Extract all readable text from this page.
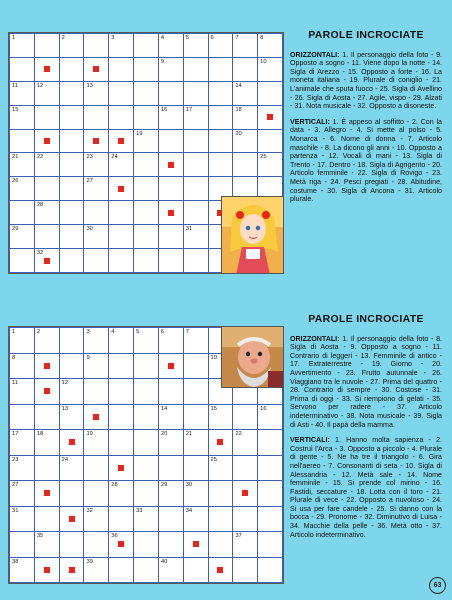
1		2		3		4	5	6	7	8

						9				10

11	12		13						14	

15						16	17		18	

					19				20	

21	22		23	24						25

26			27							

	28									

29			30				31			

	32									

PAROLE INCROCIATE

ORIZZONTALI: 1. Il personaggio della foto - 9. Opposto a sogno - 11. Viene dopo la notte - 14. Sigla di Arezzo - 15. Opposto a forte - 16. La moneta italiana - 19. Plurale di coniglio - 21. L'animale che sputa fuoco - 25. Sigla di Avellino - 26. Sigla di Aosta - 27. Agile, vispo - 29. Alzati - 31. Nota musicale - 32. Opposto a disoneste.

VERTICALI: 1. È appeso al soffitto - 2. Con la data - 3. Allegro - 4. Si mette al polso - 5. Monarca - 6. Nome di donna - 7. Articolo maschile - 8. La dicono gli anni - 10. Opposto a partenza - 12. Vocali di mani - 13. Sigla di Trento - 17. Dentro - 18. Sigla di Agrigento - 20. Articolo femminile - 22. Sigla di Rovigo - 23. Metà riga - 24. Pesci pregiati - 28. Abitudine, costume - 30. Sigla di Ancona - 31. Articolo plurale.

1	2		3	4	5	6	7			

8			9					10		

11		12								

		13				14		15		16

17	18		19			20	21		22	

23		24						25		

27				28		29	30			

31			32		33		34			

	35			36					37	

38			39			40				

PAROLE INCROCIATE

ORIZZONTALI: 1. Il personaggio della foto - 8. Sigla di Aosta - 9. Opposto a sogno - 11. Contrario di leggeri - 13. Femminile di antico - 17. Extraterrestre - 19. Giorno - 20. Avvertimento - 23. Frutto autunnale - 26. Viaggiano tra le nuvole - 27. Prima del quattro - 28. Contrario di sempre - 30. Costose - 31. Prima di oggi - 33. Si riempiono di gelati - 35. Servono per radere - 37. Articolo indeterminativo - 38. Nota musicale - 39. Sigla di Asti - 40. Il papà della mamma.

VERTICALI: 1. Hanno molta sapienza - 2. Costruì l'Arca - 3. Opposto a piccolo - 4. Plurale di gente - 5. Ne ha tre il triangolo - 6. Gira nell'aereo - 7. Consonanti di seta - 10. Sigla di Alessandria - 12. Metà sale - 14. Nome femminile - 15. Si prende col mirino - 16. Fastidi, seccature - 18. Lotta con il toro - 21. Plurale di vece - 22. Opposto a nuvoloso - 24. Si usa per fare candele - 25. Si danno con la bocca - 29. Pronome - 32. Diminutivo di Luisa - 34. Macchie della pelle - 36. Metà otto - 37. Articolo indeterminativo.

63
